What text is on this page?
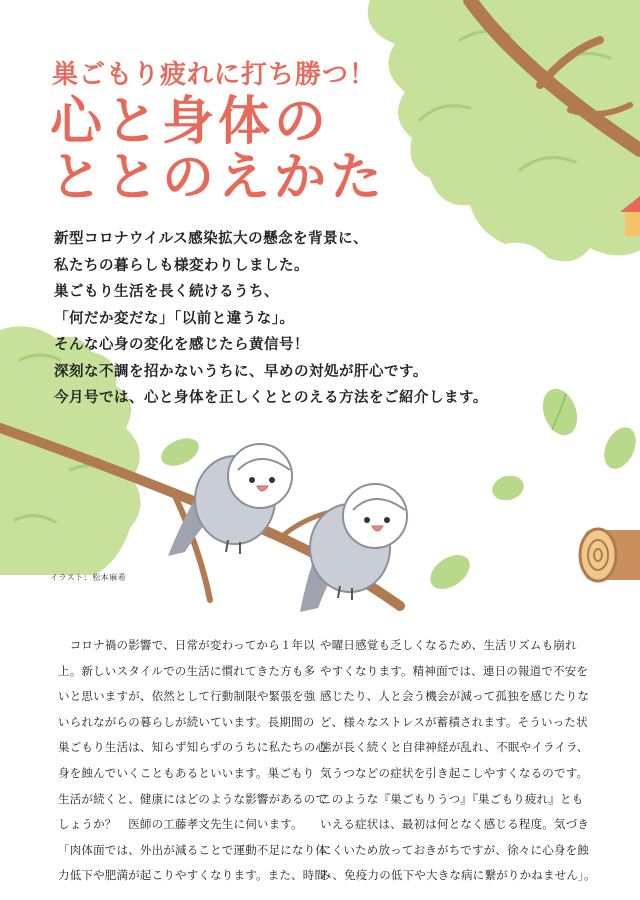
巣ごもり疲れに打ち勝つ！
心と身体の
ととのえかた
新型コロナウイルス感染拡大の懸念を背景に、
私たちの暮らしも様変わりしました。
巣ごもり生活を長く続けるうち、
「何だか変だな」「以前と違うな」。
そんな心身の変化を感じたら黄信号！
深刻な不調を招かないうちに、早めの対処が肝心です。
今月号では、心と身体を正しくととのえる方法をご紹介します。
イラスト：松本麻希
　コロナ禍の影響で、日常が変わってから１年以
上。新しいスタイルでの生活に慣れてきた方も多
いと思いますが、依然として行動制限や緊張を強
いられながらの暮らしが続いています。長期間の
巣ごもり生活は、知らず知らずのうちに私たちの心
身を蝕んでいくこともあるといいます。巣ごもり
生活が続くと、健康にはどのような影響があるので
しょうか？　医師の工藤孝文先生に伺います。
「肉体面では、外出が減ることで運動不足になり体
力低下や肥満が起こりやすくなります。また、時間
や曜日感覚も乏しくなるため、生活リズムも崩れ
やすくなります。精神面では、連日の報道で不安を
感じたり、人と会う機会が減って孤独を感じたりな
ど、様々なストレスが蓄積されます。そういった状
態が長く続くと自律神経が乱れ、不眠やイライラ、
気うつなどの症状を引き起こしやすくなるのです。
このような『巣ごもりうつ』『巣ごもり疲れ』とも
いえる症状は、最初は何となく感じる程度。気づき
にくいため放っておきがちですが、徐々に心身を蝕
み、免疫力の低下や大きな病に繋がりかねません」。
